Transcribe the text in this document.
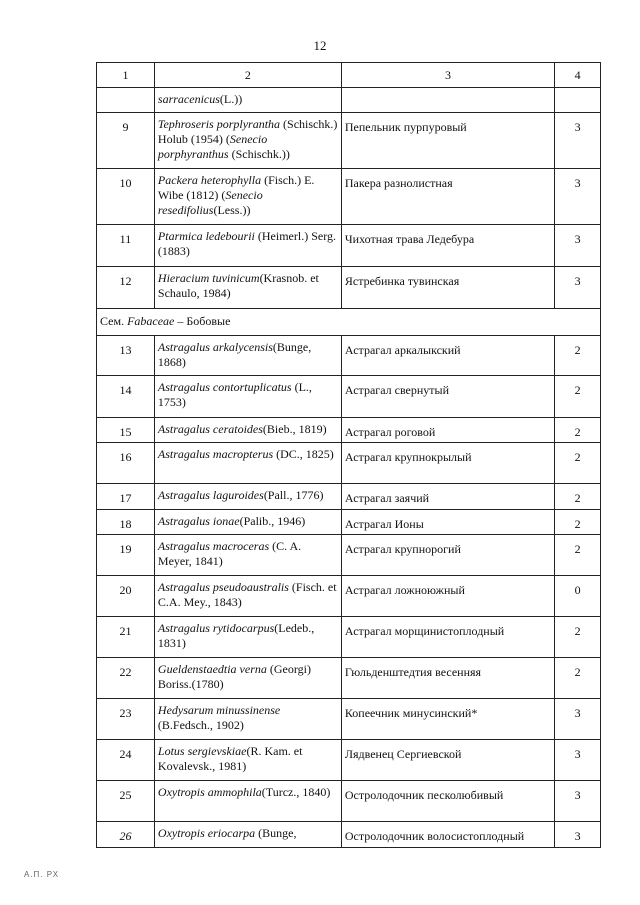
12
1	2	3	4
	sarracenicus(L.))		
9	Tephroseris porplyrantha (Schischk.) Holub (1954) (Senecio porphyranthus (Schischk.))	Пепельник пурпуровый	3
10	Packera heterophylla (Fisch.) E. Wibe (1812) (Senecio resedifolius(Less.))	Пакера разнолистная	3
11	Ptarmica ledebourii (Heimerl.) Serg. (1883)	Чихотная трава Ледебура	3
12	Hieracium tuvinicum(Krasnob. et Schaulo, 1984)	Ястребинка тувинская	3
Сем. Fabaceae – Бобовые			
13	Astragalus arkalycensis(Bunge, 1868)	Астрагал аркалыкский	2
14	Astragalus contortuplicatus (L., 1753)	Астрагал свернутый	2
15	Astragalus ceratoides(Bieb., 1819)	Астрагал роговой	2
16	Astragalus macropterus (DC., 1825)	Астрагал крупнокрылый	2
17	Astragalus laguroides(Pall., 1776)	Астрагал заячий	2
18	Astragalus ionae(Palib., 1946)	Астрагал Ионы	2
19	Astragalus macroceras (C. A. Meyer, 1841)	Астрагал крупнорогий	2
20	Astragalus pseudoaustralis (Fisch. et C.A. Mey., 1843)	Астрагал ложноюжный	0
21	Astragalus rytidocarpus(Ledeb., 1831)	Астрагал морщинистоплодный	2
22	Gueldenstaedtia verna (Georgi) Boriss.(1780)	Гюльденштедтия весенняя	2
23	Hedysarum minussinense (B.Fedsch., 1902)	Копеечник минусинский*	3
24	Lotus sergievskiae(R. Kam. et Kovalevsk., 1981)	Лядвенец Сергиевской	3
25	Oxytropis ammophila(Turcz., 1840)	Остролодочник песколюбивый	3
26	Oxytropis eriocarpa (Bunge,	Остролодочник волосистоплодный	3
А.П. РХ
